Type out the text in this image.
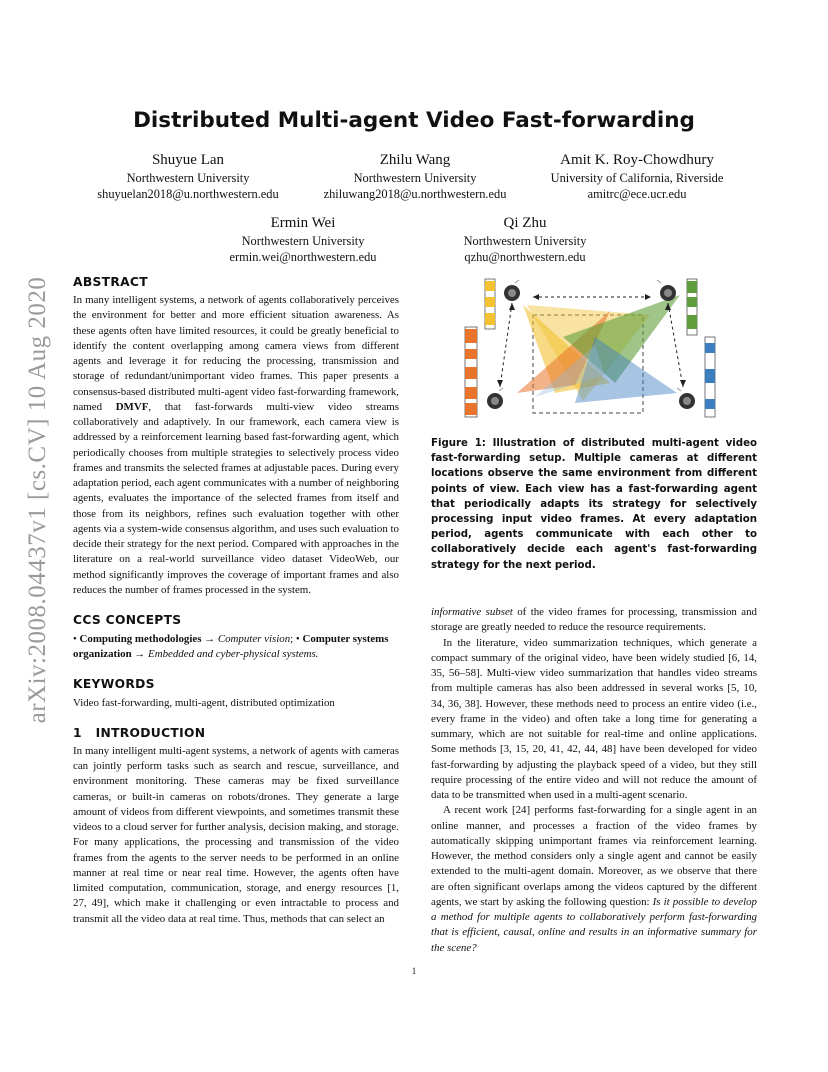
Distributed Multi-agent Video Fast-forwarding
Shuyue Lan
Northwestern University
shuyuelan2018@u.northwestern.edu
Zhilu Wang
Northwestern University
zhiluwang2018@u.northwestern.edu
Amit K. Roy-Chowdhury
University of California, Riverside
amitrc@ece.ucr.edu
Ermin Wei
Northwestern University
ermin.wei@northwestern.edu
Qi Zhu
Northwestern University
qzhu@northwestern.edu
arXiv:2008.04437v1 [cs.CV] 10 Aug 2020 ABSTRACT

In many intelligent systems, a network of agents collaboratively perceives the environment for better and more efficient situation awareness. As these agents often have limited resources, it could be greatly beneficial to identify the content overlapping among camera views from different agents and leverage it for reducing the processing, transmission and storage of redundant/unimportant video frames. This paper presents a consensus-based distributed multi-agent video fast-forwarding framework, named DMVF, that fast-forwards multi-view video streams collaboratively and adaptively. In our framework, each camera view is addressed by a reinforcement learning based fast-forwarding agent, which periodically chooses from multiple strategies to selectively process video frames and transmits the selected frames at adjustable paces. During every adaptation period, each agent communicates with a number of neighboring agents, evaluates the importance of the selected frames from itself and those from its neighbors, refines such evaluation together with other agents via a system-wide consensus algorithm, and uses such evaluation to decide their strategy for the next period. Compared with approaches in the literature on a real-world surveillance video dataset VideoWeb, our method significantly improves the coverage of important frames and also reduces the number of frames processed in the system.

CCS CONCEPTS

• Computing methodologies → Computer vision; • Computer systems organization → Embedded and cyber-physical systems.

KEYWORDS

Video fast-forwarding, multi-agent, distributed optimization

1 INTRODUCTION

In many intelligent multi-agent systems, a network of agents with cameras can jointly perform tasks such as search and rescue, surveillance, and environment monitoring. These cameras may be fixed surveillance cameras, or built-in cameras on robots/drones. They generate a large amount of videos from different viewpoints, and sometimes transmit these videos to a cloud server for further analysis, decision making, and storage. For many applications, the processing and transmission of the video frames from the agents to the server needs to be performed in an online manner at real time or near real time. However, the agents often have limited computation, communication, storage, and energy resources [1, 27, 49], which make it challenging or even intractable to process and transmit all the video data at real time. Thus, methods that can select an

Figure 1: Illustration of distributed multi-agent video fast-forwarding setup. Multiple cameras at different locations observe the same environment from different points of view. Each view has a fast-forwarding agent that periodically adapts its strategy for selectively processing input video frames. At every adaptation period, agents communicate with each other to collaboratively decide each agent's fast-forwarding strategy for the next period.

informative subset of the video frames for processing, transmission and storage are greatly needed to reduce the resource requirements.

In the literature, video summarization techniques, which generate a compact summary of the original video, have been widely studied [6, 14, 35, 56–58]. Multi-view video summarization that handles video streams from multiple cameras has also been addressed in several works [5, 10, 34, 36, 38]. However, these methods need to process an entire video (i.e., every frame in the video) and often take a long time for generating a summary, which are not suitable for real-time and online applications. Some methods [3, 15, 20, 41, 42, 44, 48] have been developed for video fast-forwarding by adjusting the playback speed of a video, but they still require processing of the entire video and will not reduce the amount of data to be transmitted when used in a multi-agent scenario.

A recent work [24] performs fast-forwarding for a single agent in an online manner, and processes a fraction of the video frames by automatically skipping unimportant frames via reinforcement learning. However, the method considers only a single agent and cannot be easily extended to the multi-agent domain. Moreover, as we observe that there are often significant overlaps among the videos captured by the different agents, we start by asking the following question: Is it possible to develop a method for multiple agents to collaboratively perform fast-forwarding that is efficient, causal, online and results in an informative summary for the scene?

1
